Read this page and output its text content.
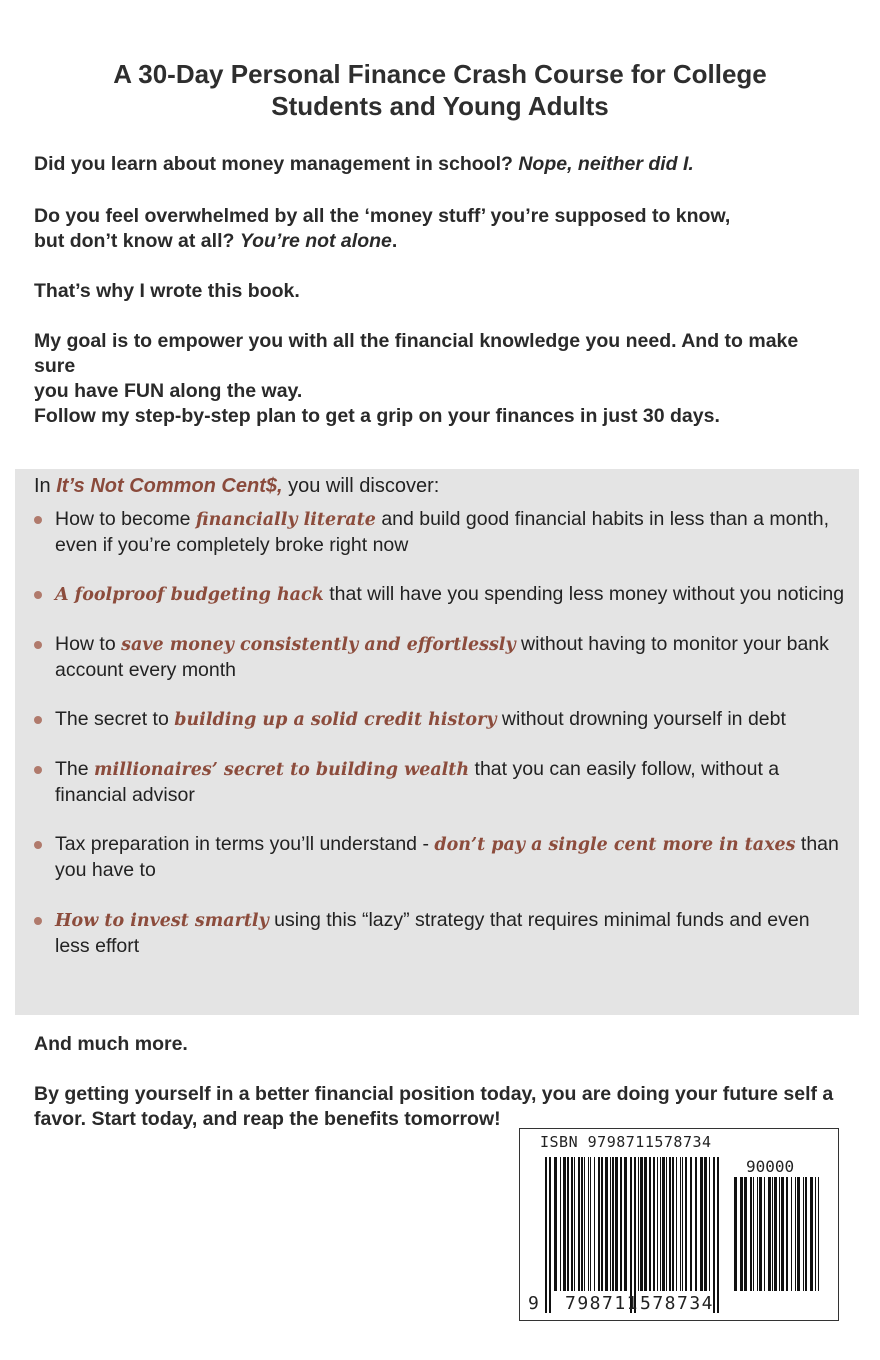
A 30-Day Personal Finance Crash Course for College
Students and Young Adults

Did you learn about money management in school? Nope, neither did I.

Do you feel overwhelmed by all the ‘money stuff’ you’re supposed to know,
but don’t know at all? You’re not alone.

That’s why I wrote this book.

My goal is to empower you with all the financial knowledge you need. And to make sure
you have FUN along the way.

Follow my step-by-step plan to get a grip on your finances in just 30 days.

In It’s Not Common Cent$, you will discover:
How to become financially literate and build good financial habits in less than a month, even if you’re completely broke right now
A foolproof budgeting hack that will have you spending less money without you noticing
How to save money consistently and effortlessly without having to monitor your bank account every month
The secret to building up a solid credit history without drowning yourself in debt
The millionaires’ secret to building wealth that you can easily follow, without a financial advisor
Tax preparation in terms you’ll understand - don’t pay a single cent more in taxes than you have to
How to invest smartly using this “lazy” strategy that requires minimal funds and even less effort

And much more.

By getting yourself in a better financial position today, you are doing your future self a
favor. Start today, and reap the benefits tomorrow!

ISBN 9798711578734
90000
9 798711 578734
